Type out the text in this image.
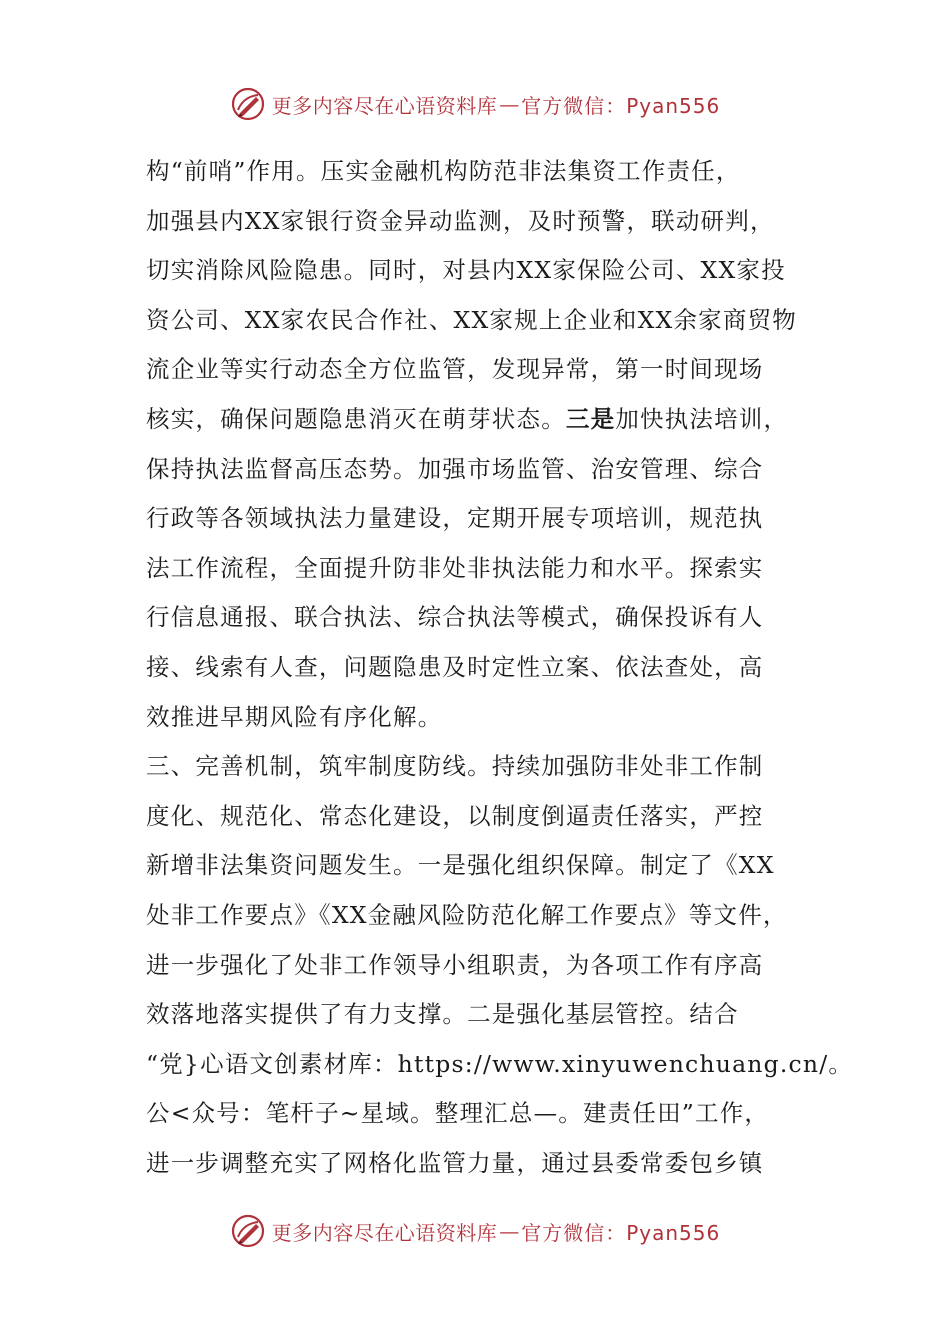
更多内容尽在心语资料库 — 官方微信：Pyan556
构“前哨”作用。压实金融机构防范非法集资工作责任，
加强县内XX家银行资金异动监测，及时预警，联动研判，
切实消除风险隐患。同时，对县内XX家保险公司、XX家投
资公司、XX家农民合作社、XX家规上企业和XX余家商贸物
流企业等实行动态全方位监管，发现异常，第一时间现场
核实，确保问题隐患消灭在萌芽状态。三是加快执法培训，
保持执法监督高压态势。加强市场监管、治安管理、综合
行政等各领域执法力量建设，定期开展专项培训，规范执
法工作流程，全面提升防非处非执法能力和水平。探索实
行信息通报、联合执法、综合执法等模式，确保投诉有人
接、线索有人查，问题隐患及时定性立案、依法查处，高
效推进早期风险有序化解。
三、完善机制，筑牢制度防线。持续加强防非处非工作制
度化、规范化、常态化建设，以制度倒逼责任落实，严控
新增非法集资问题发生。一是强化组织保障。制定了《XX
处非工作要点》《XX金融风险防范化解工作要点》等文件，
进一步强化了处非工作领导小组职责，为各项工作有序高
效落地落实提供了有力支撑。二是强化基层管控。结合
“党}心语文创素材库：https://www.xinyuwenchuang.cn/。
公<众号：笔杆子~星域。整理汇总—。建责任田”工作，
进一步调整充实了网格化监管力量，通过县委常委包乡镇
更多内容尽在心语资料库 — 官方微信：Pyan556
